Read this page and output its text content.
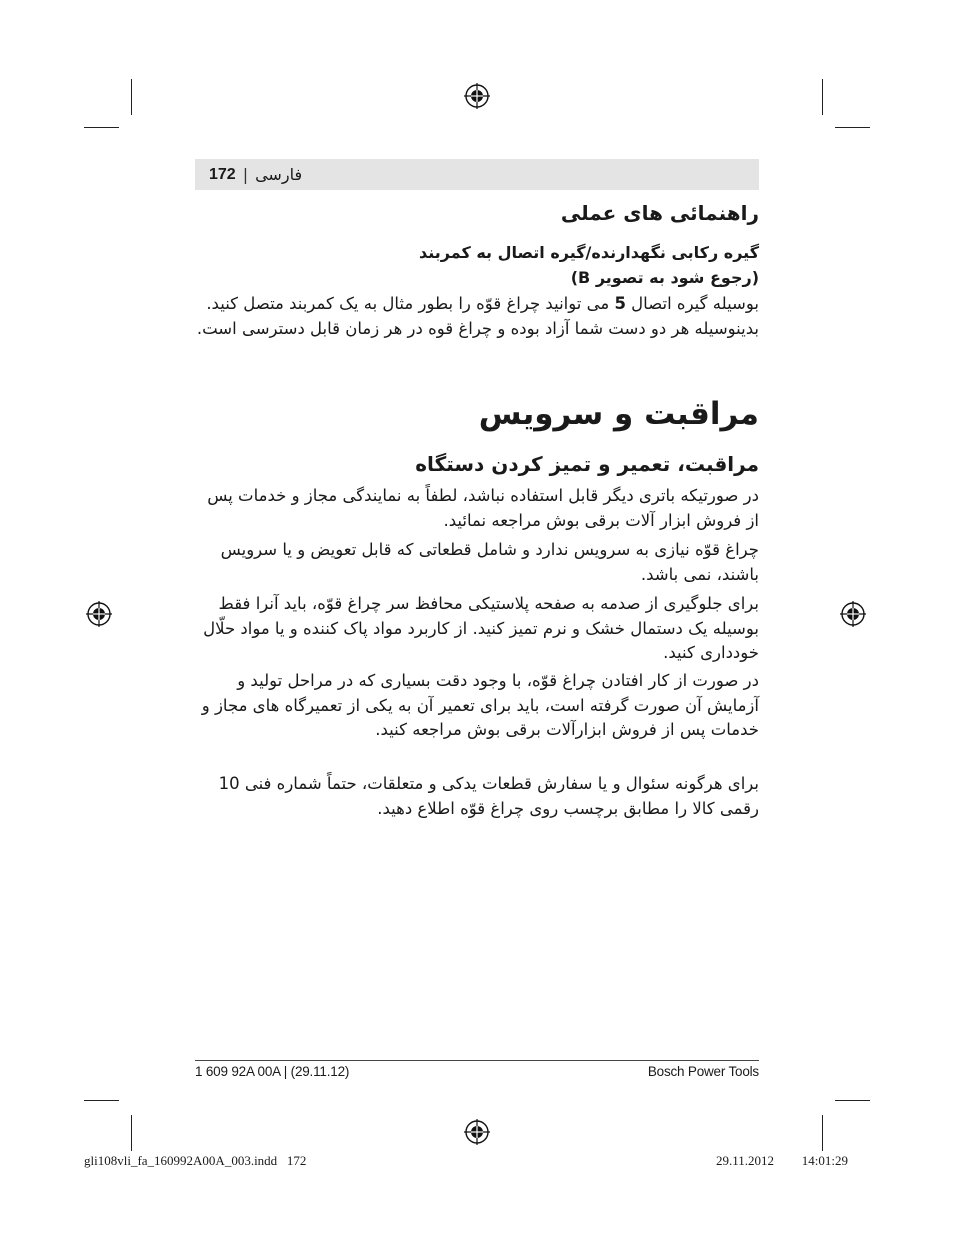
172 | فارسی
راهنمائی های عملی
گیره رکابی نگهدارنده/گیره اتصال به کمربند
(رجوع شود به تصویر B)
بوسیله گیره اتصال 5 می توانید چراغ قوّه را بطور مثال به یک کمربند متصل کنید. بدینوسیله هر دو دست شما آزاد بوده و چراغ قوه در هر زمان قابل دسترسی است.
مراقبت و سرویس
مراقبت، تعمیر و تمیز کردن دستگاه
در صورتیکه باتری دیگر قابل استفاده نباشد، لطفاً به نمایندگی مجاز و خدمات پس از فروش ابزار آلات برقی بوش مراجعه نمائید.
چراغ قوّه نیازی به سرویس ندارد و شامل قطعاتی که قابل تعویض و یا سرویس باشند، نمی باشد.
برای جلوگیری از صدمه به صفحه پلاستیکی محافظ سر چراغ قوّه، باید آنرا فقط بوسیله یک دستمال خشک و نرم تمیز کنید. از کاربرد مواد پاک کننده و یا مواد حلّال خودداری کنید.
در صورت از کار افتادن چراغ قوّه، با وجود دقت بسیاری که در مراحل تولید و آزمایش آن صورت گرفته است، باید برای تعمیر آن به یکی از تعمیرگاه های مجاز و خدمات پس از فروش ابزارآلات برقی بوش مراجعه کنید.
برای هرگونه سئوال و یا سفارش قطعات یدکی و متعلقات، حتماً شماره فنی 10 رقمی کالا را مطابق برچسب روی چراغ قوّه اطلاع دهید.
1 609 92A 00A | (29.11.12)	Bosch Power Tools
gli108vli_fa_160992A00A_003.indd   172	29.11.2012   14:01:29
